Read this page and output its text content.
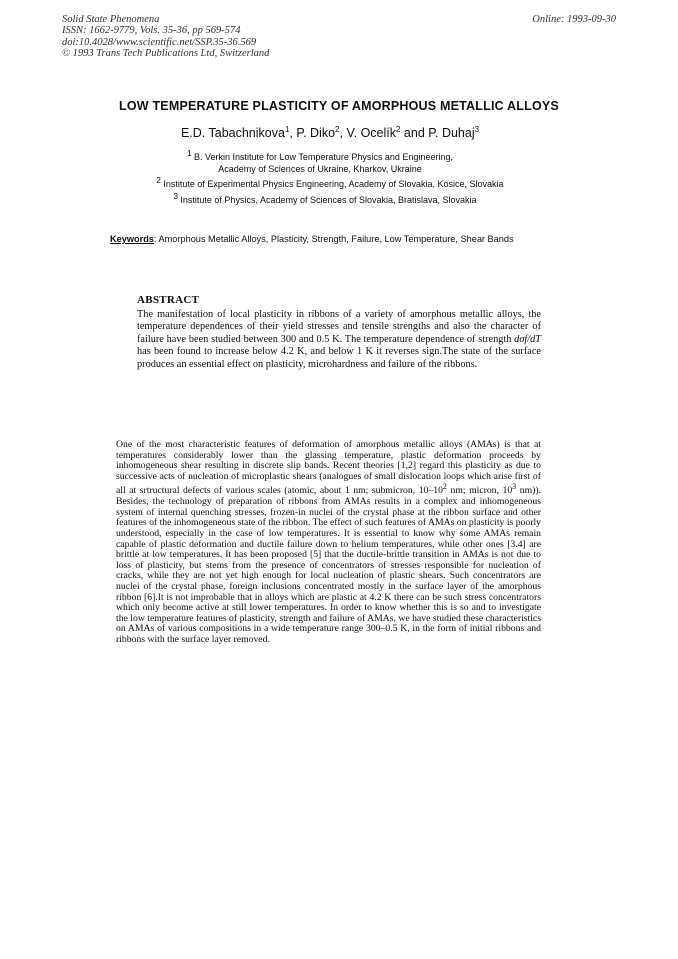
Solid State Phenomena
ISSN: 1662-9779, Vols. 35-36, pp 569-574
doi:10.4028/www.scientific.net/SSP.35-36.569
© 1993 Trans Tech Publications Ltd, Switzerland
Online: 1993-09-30
LOW TEMPERATURE PLASTICITY OF AMORPHOUS METALLIC ALLOYS
E.D. Tabachnikova$^1$, P. Diko$^2$, V. Ocelík$^2$ and P. Duhaj$^3$
$^1$ B. Verkin Institute for Low Temperature Physics and Engineering,
Academy of Sciences of Ukraine, Kharkov, Ukraine
$^2$ Institute of Experimental Physics Engineering, Academy of Slovakia, Kosice, Slovakia
$^3$ Institute of Physics, Academy of Sciences of Slovakia, Bratislava, Slovakia
Keywords: Amorphous Metallic Alloys, Plasticity, Strength, Failure, Low Temperature, Shear Bands
ABSTRACT
The manifestation of local plasticity in ribbons of a variety of amorphous metallic alloys, the temperature dependences of their yield stresses and tensile strengths and also the character of failure have been studied between 300 and 0.5 K. The temperature dependence of strength dσf/dT has been found to increase below 4.2 K, and below 1 K it reverses sign.The state of the surface produces an essential effect on plasticity, microhardness and failure of the ribbons.
One of the most characteristic features of deformation of amorphous metallic alloys (AMAs) is that at temperatures considerably lower than the glassing temperature, plastic deformation proceeds by inhomogeneous shear resulting in discrete slip bands. Recent theories [1,2] regard this plasticity as due to successive acts of nucleation of microplastic shears (analogues of small dislocation loops which arise first of all at srtructural defects of various scales (atomic, about 1 nm; submicron, $10-10^2$ nm; micron, $10^3$ nm)). Besides, the technology of preparation of ribbons from AMAs results in a complex and inhomogeneous system of internal quenching stresses, frozen-in nuclei of the crystal phase at the ribbon surface and other features of the inhomogeneous state of the ribbon. The effect of such features of AMAs on plasticity is poorly understood, especially in the case of low temperatures. It is essential to know why some AMAs remain capable of plastic deformation and ductile failure down to helium temperatures, while other ones [3.4] are brittle at low temperatures. It has been proposed [5] that the ductile-brittle transition in AMAs is not due to loss of plasticity, but stems from the presence of concentrators of stresses responsible for nucleation of cracks, while they are not yet high enough for local nucleation of plastic shears. Such concentrators are nuclei of the crystal phase, foreign inclusions concentrated mostly in the surface layer of the amorphous ribbon [6].It is not improbable that in alloys which are plastic at 4.2 K there can be such stress concentrators which only become active at still lower temperatures. In order to know whether this is so and to investigate the low temperature features of plasticity, strength and failure of AMAs, we have studied these characteristics on AMAs of various compositions in a wide temperature range 300–0.5 K, in the form of initial ribbons and ribbons with the surface layer removed.
